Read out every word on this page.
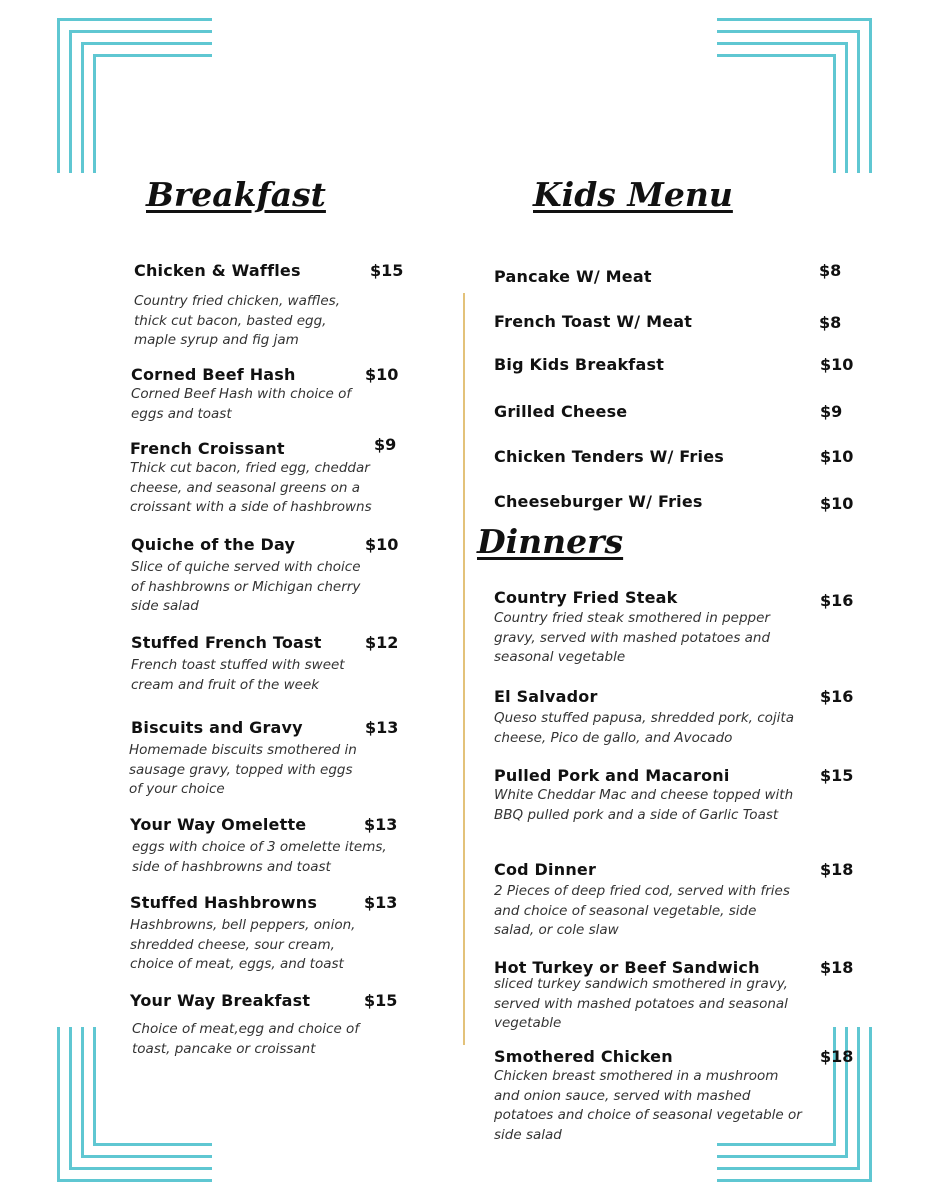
Breakfast
Chicken & Waffles	$15
Country fried chicken, waffles, thick cut bacon, basted egg, maple syrup and fig jam
Corned Beef Hash	$10
Corned Beef Hash with choice of eggs and toast
French Croissant	$9
Thick cut bacon, fried egg, cheddar cheese, and seasonal greens on a croissant with a side of hashbrowns
Quiche of the Day	$10
Slice of quiche served with choice of hashbrowns or Michigan cherry side salad
Stuffed French Toast	$12
French toast stuffed with sweet cream and fruit of the week
Biscuits and Gravy	$13
Homemade biscuits smothered in sausage gravy, topped with eggs of your choice
Your Way Omelette	$13
eggs with choice of 3 omelette items, side of hashbrowns and toast
Stuffed Hashbrowns	$13
Hashbrowns, bell peppers, onion, shredded cheese, sour cream, choice of meat, eggs, and toast
Your Way Breakfast	$15
Choice of meat,egg and choice of toast, pancake or croissant
Kids Menu
Pancake W/ Meat	$8
French Toast W/ Meat	$8
Big Kids Breakfast	$10
Grilled Cheese	$9
Chicken Tenders W/ Fries	$10
Cheeseburger W/ Fries	$10
Dinners
Country Fried Steak	$16
Country fried steak smothered in pepper gravy, served with mashed potatoes and seasonal vegetable
El Salvador	$16
Queso stuffed papusa, shredded pork, cojita cheese, Pico de gallo, and Avocado
Pulled Pork and Macaroni	$15
White Cheddar Mac and cheese topped with BBQ pulled pork and a side of Garlic Toast
Cod Dinner	$18
2 Pieces of deep fried cod, served with fries and choice of seasonal vegetable, side salad, or cole slaw
Hot Turkey or Beef Sandwich	$18
sliced turkey sandwich smothered in gravy, served with mashed potatoes and seasonal vegetable
Smothered Chicken	$18
Chicken breast smothered in a mushroom and onion sauce, served with mashed potatoes and choice of seasonal vegetable or side salad
